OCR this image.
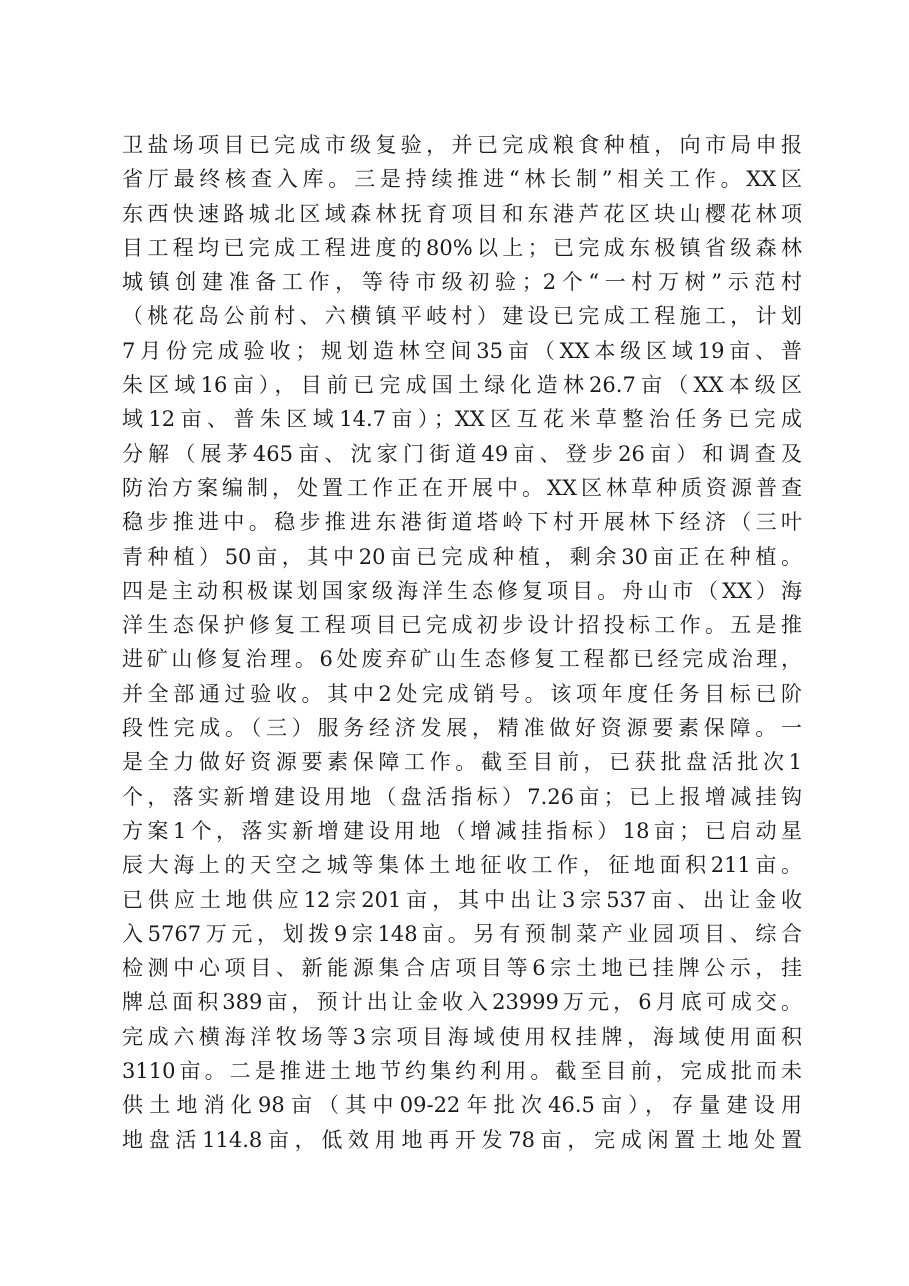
卫盐场项目已完成市级复验，并已完成粮食种植，向市局申报
省厅最终核查入库。三是持续推进“林长制”相关工作。XX区
东西快速路城北区域森林抚育项目和东港芦花区块山樱花林项
目工程均已完成工程进度的80%以上；已完成东极镇省级森林
城镇创建准备工作，等待市级初验；2个“一村万树”示范村
（桃花岛公前村、六横镇平岐村）建设已完成工程施工，计划
7月份完成验收；规划造林空间35亩（XX本级区域19亩、普
朱区域16亩），目前已完成国土绿化造林26.7亩（XX本级区
域12亩、普朱区域14.7亩）；XX区互花米草整治任务已完成
分解（展茅465亩、沈家门街道49亩、登步26亩）和调查及
防治方案编制，处置工作正在开展中。XX区林草种质资源普查
稳步推进中。稳步推进东港街道塔岭下村开展林下经济（三叶
青种植）50亩，其中20亩已完成种植，剩余30亩正在种植。
四是主动积极谋划国家级海洋生态修复项目。舟山市（XX）海
洋生态保护修复工程项目已完成初步设计招投标工作。五是推
进矿山修复治理。6处废弃矿山生态修复工程都已经完成治理，
并全部通过验收。其中2处完成销号。该项年度任务目标已阶
段性完成。（三）服务经济发展，精准做好资源要素保障。一
是全力做好资源要素保障工作。截至目前，已获批盘活批次1
个，落实新增建设用地（盘活指标）7.26亩；已上报增减挂钩
方案1个，落实新增建设用地（增减挂指标）18亩；已启动星
辰大海上的天空之城等集体土地征收工作，征地面积211亩。
已供应土地供应12宗201亩，其中出让3宗537亩、出让金收
入5767万元，划拨9宗148亩。另有预制菜产业园项目、综合
检测中心项目、新能源集合店项目等6宗土地已挂牌公示，挂
牌总面积389亩，预计出让金收入23999万元，6月底可成交。
完成六横海洋牧场等3宗项目海域使用权挂牌，海域使用面积
3110亩。二是推进土地节约集约利用。截至目前，完成批而未
供土地消化98亩（其中09-22年批次46.5亩），存量建设用
地盘活114.8亩，低效用地再开发78亩，完成闲置土地处置
